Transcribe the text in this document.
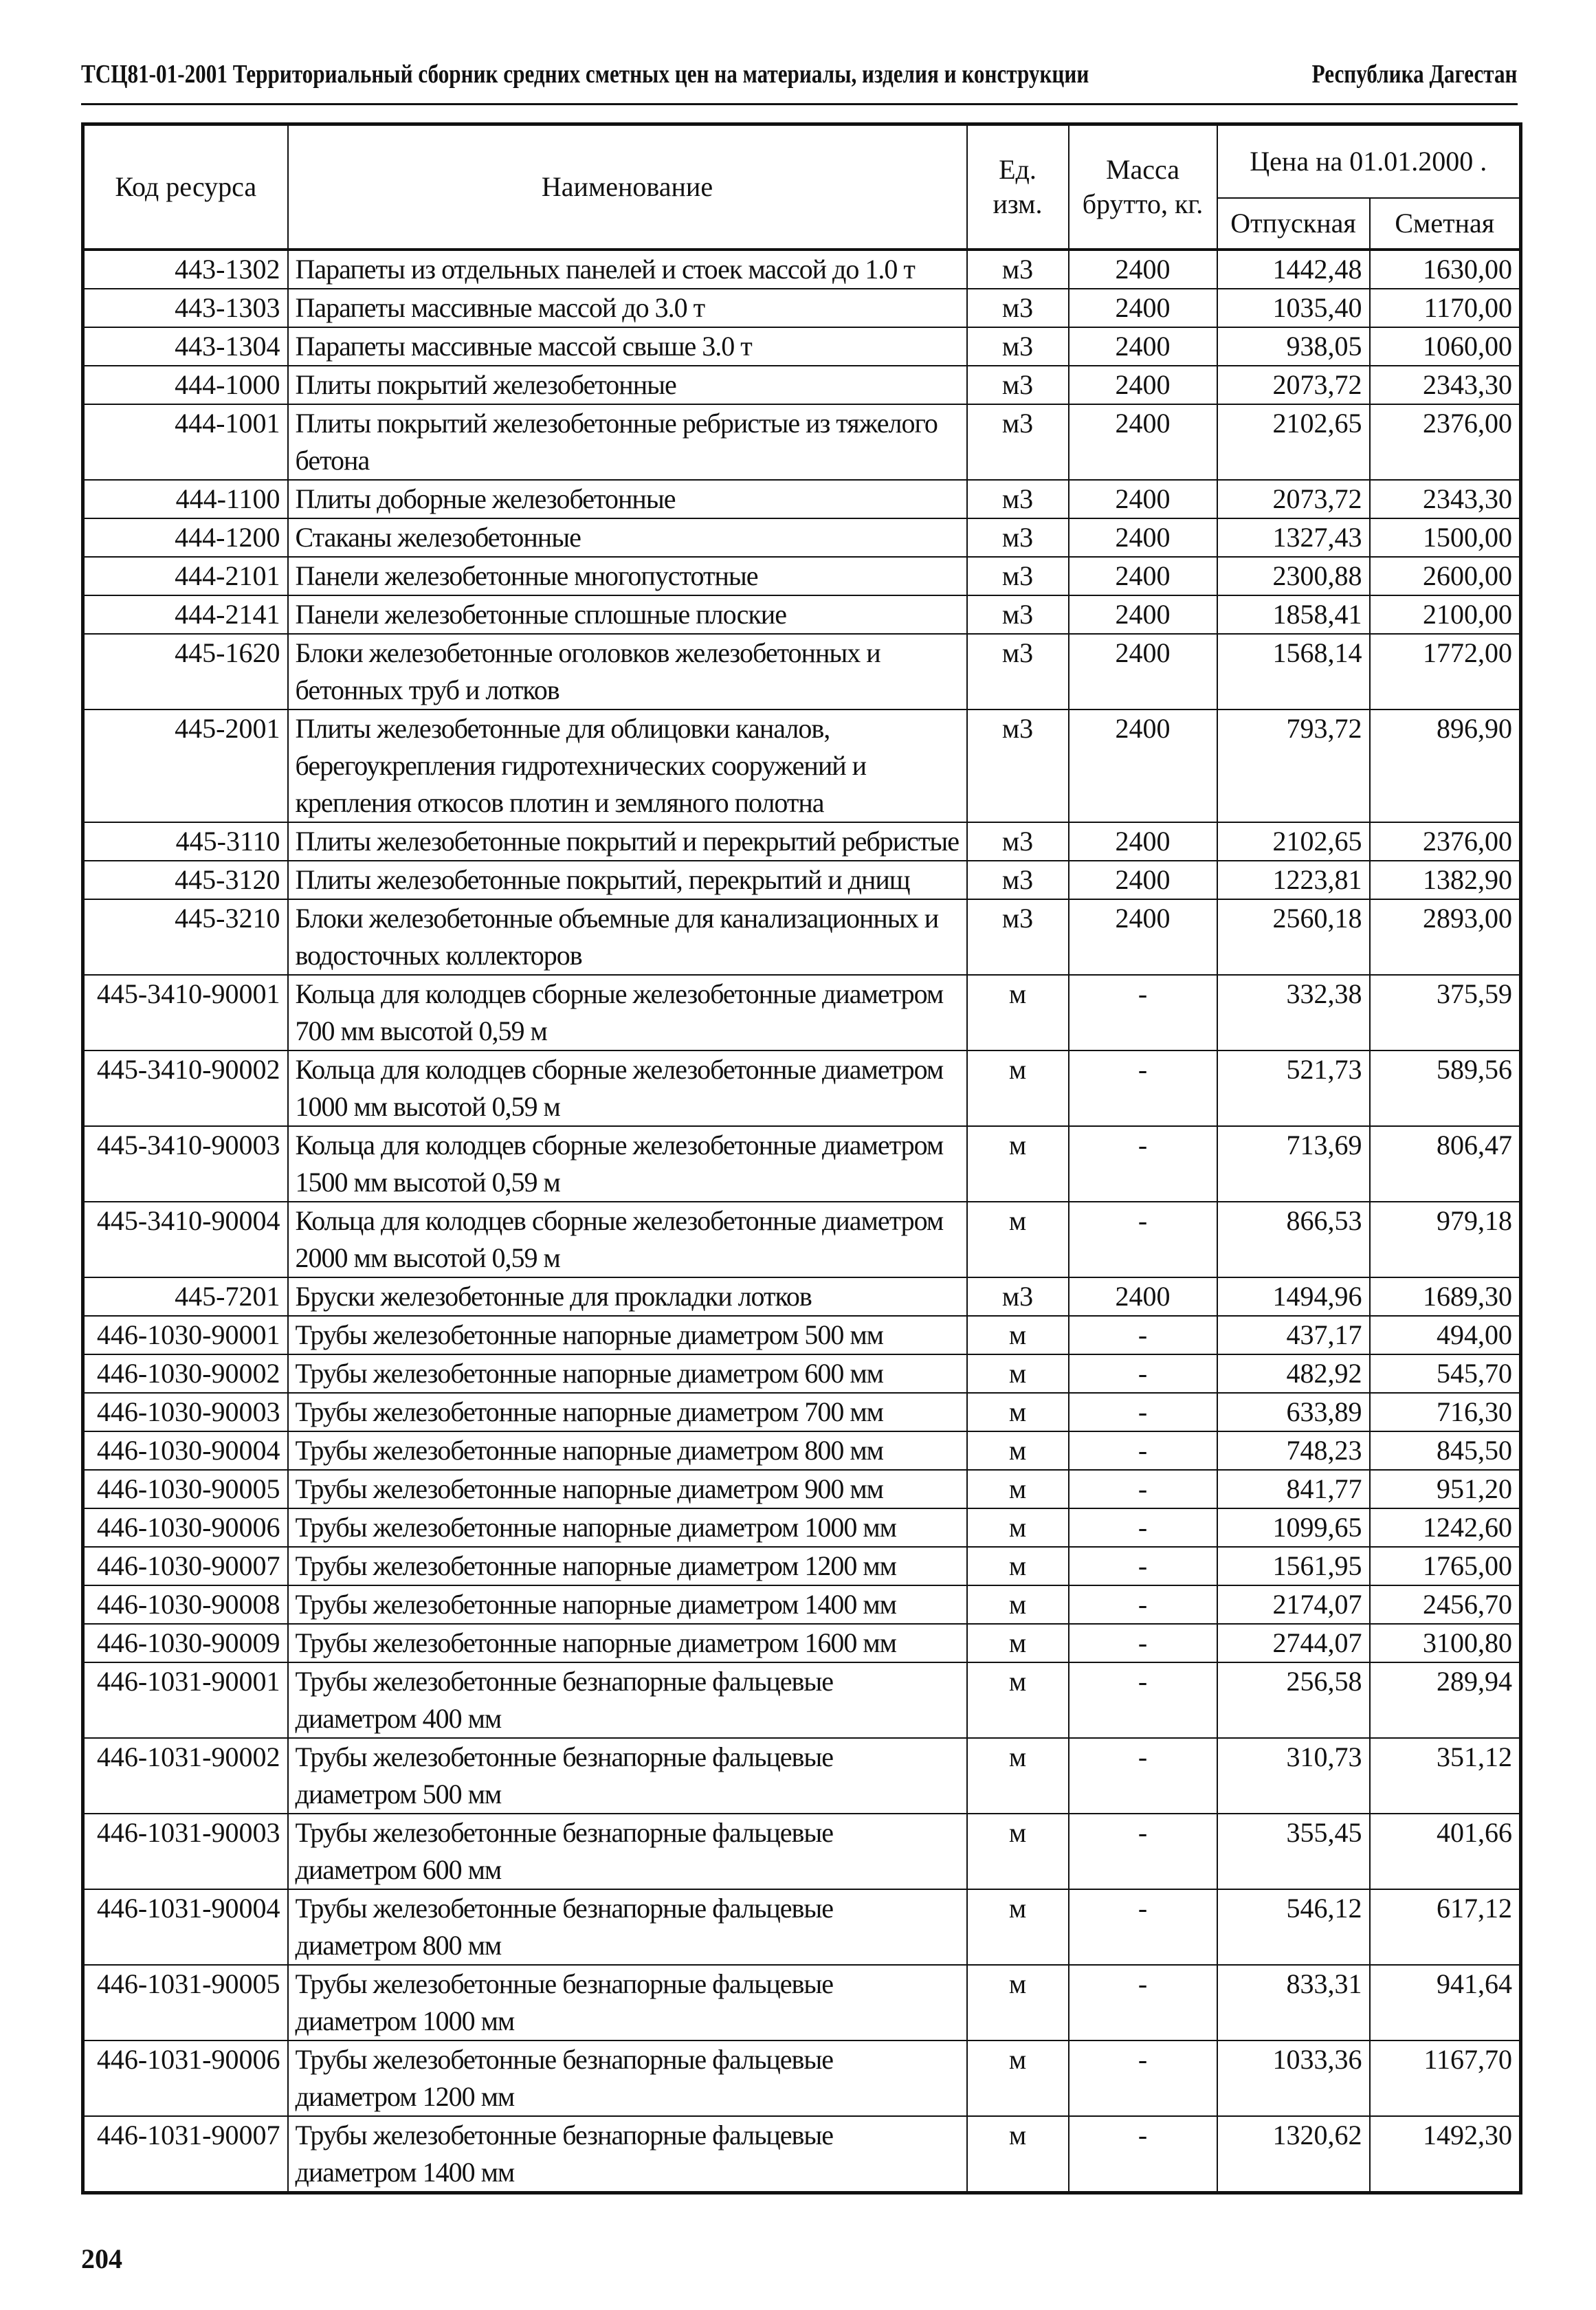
ТСЦ81-01-2001 Территориальный сборник средних сметных цен на материалы, изделия и конструкции	Республика Дагестан
Код ресурса	Наименование	Ед. изм.	Масса брутто, кг.	Цена на 01.01.2000 .	
				Отпускная	Сметная
443-1302	Парапеты из отдельных панелей и стоек массой до 1.0 т	м3	2400	1442,48	1630,00
443-1303	Парапеты массивные массой до 3.0 т	м3	2400	1035,40	1170,00
443-1304	Парапеты массивные массой свыше 3.0 т	м3	2400	938,05	1060,00
444-1000	Плиты покрытий железобетонные	м3	2400	2073,72	2343,30
444-1001	Плиты покрытий железобетонные ребристые из тяжелого бетона	м3	2400	2102,65	2376,00
444-1100	Плиты доборные железобетонные	м3	2400	2073,72	2343,30
444-1200	Стаканы железобетонные	м3	2400	1327,43	1500,00
444-2101	Панели железобетонные многопустотные	м3	2400	2300,88	2600,00
444-2141	Панели железобетонные сплошные плоские	м3	2400	1858,41	2100,00
445-1620	Блоки железобетонные оголовков железобетонных и бетонных труб и лотков	м3	2400	1568,14	1772,00
445-2001	Плиты железобетонные для облицовки каналов, берегоукрепления гидротехнических сооружений и крепления откосов плотин и земляного полотна	м3	2400	793,72	896,90
445-3110	Плиты железобетонные покрытий и перекрытий ребристые	м3	2400	2102,65	2376,00
445-3120	Плиты железобетонные покрытий, перекрытий и днищ	м3	2400	1223,81	1382,90
445-3210	Блоки железобетонные объемные для канализационных и водосточных коллекторов	м3	2400	2560,18	2893,00
445-3410-90001	Кольца для колодцев сборные железобетонные диаметром 700 мм высотой 0,59 м	м	-	332,38	375,59
445-3410-90002	Кольца для колодцев сборные железобетонные диаметром 1000 мм высотой 0,59 м	м	-	521,73	589,56
445-3410-90003	Кольца для колодцев сборные железобетонные диаметром 1500 мм высотой 0,59 м	м	-	713,69	806,47
445-3410-90004	Кольца для колодцев сборные железобетонные диаметром 2000 мм высотой 0,59 м	м	-	866,53	979,18
445-7201	Бруски железобетонные для прокладки лотков	м3	2400	1494,96	1689,30
446-1030-90001	Трубы железобетонные напорные диаметром 500 мм	м	-	437,17	494,00
446-1030-90002	Трубы железобетонные напорные диаметром 600 мм	м	-	482,92	545,70
446-1030-90003	Трубы железобетонные напорные диаметром 700 мм	м	-	633,89	716,30
446-1030-90004	Трубы железобетонные напорные диаметром 800 мм	м	-	748,23	845,50
446-1030-90005	Трубы железобетонные напорные диаметром 900 мм	м	-	841,77	951,20
446-1030-90006	Трубы железобетонные напорные диаметром 1000 мм	м	-	1099,65	1242,60
446-1030-90007	Трубы железобетонные напорные диаметром 1200 мм	м	-	1561,95	1765,00
446-1030-90008	Трубы железобетонные напорные диаметром 1400 мм	м	-	2174,07	2456,70
446-1030-90009	Трубы железобетонные напорные диаметром 1600 мм	м	-	2744,07	3100,80
446-1031-90001	Трубы железобетонные безнапорные фальцевые диаметром 400 мм	м	-	256,58	289,94
446-1031-90002	Трубы железобетонные безнапорные фальцевые диаметром 500 мм	м	-	310,73	351,12
446-1031-90003	Трубы железобетонные безнапорные фальцевые диаметром 600 мм	м	-	355,45	401,66
446-1031-90004	Трубы железобетонные безнапорные фальцевые диаметром 800 мм	м	-	546,12	617,12
446-1031-90005	Трубы железобетонные безнапорные фальцевые диаметром 1000 мм	м	-	833,31	941,64
446-1031-90006	Трубы железобетонные безнапорные фальцевые диаметром 1200 мм	м	-	1033,36	1167,70
446-1031-90007	Трубы железобетонные безнапорные фальцевые диаметром 1400 мм	м	-	1320,62	1492,30
204
